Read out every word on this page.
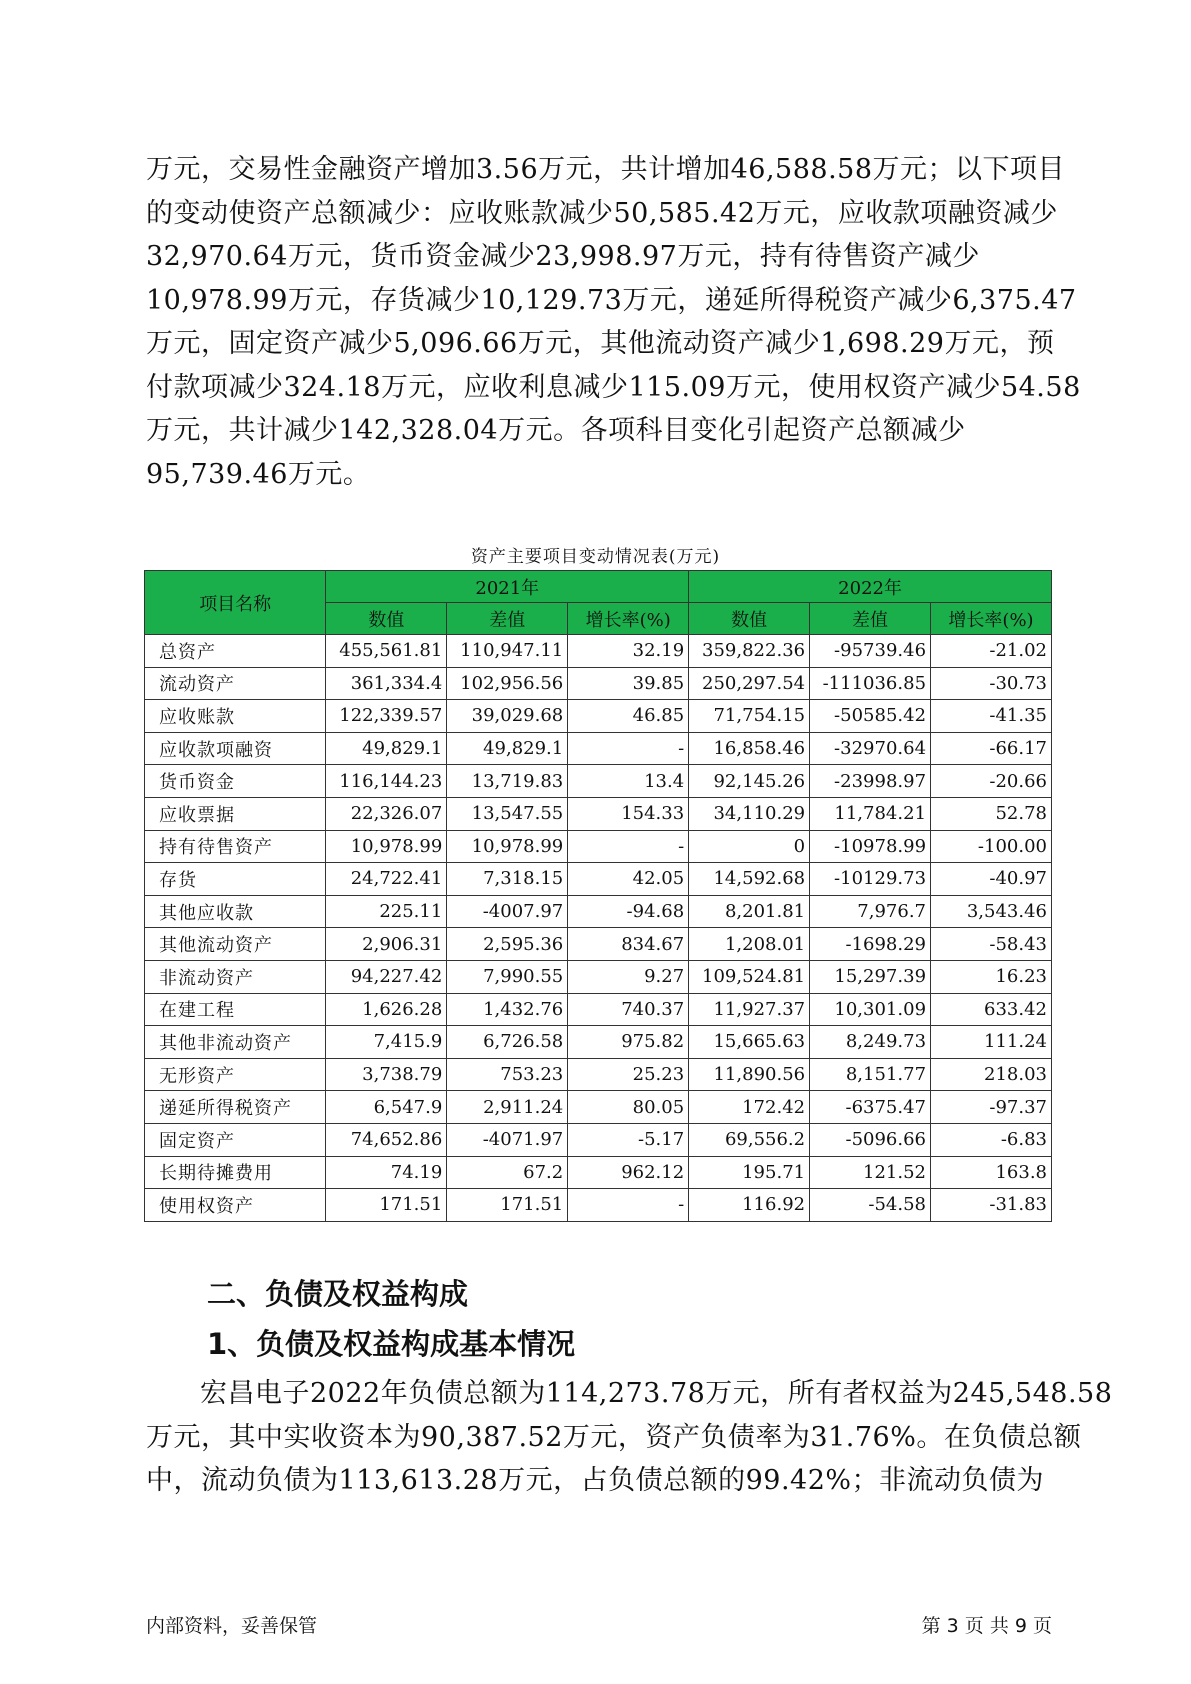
万元，交易性金融资产增加3.56万元，共计增加46,588.58万元；以下项目
的变动使资产总额减少：应收账款减少50,585.42万元，应收款项融资减少
32,970.64万元，货币资金减少23,998.97万元，持有待售资产减少
10,978.99万元，存货减少10,129.73万元，递延所得税资产减少6,375.47
万元，固定资产减少5,096.66万元，其他流动资产减少1,698.29万元，预
付款项减少324.18万元，应收利息减少115.09万元，使用权资产减少54.58
万元，共计减少142,328.04万元。各项科目变化引起资产总额减少
95,739.46万元。
资产主要项目变动情况表(万元)
项目名称	2021年			2022年		
	数值	差值	增长率(%)	数值	差值	增长率(%)
总资产	455,561.81	110,947.11	32.19	359,822.36	-95739.46	-21.02
流动资产	361,334.4	102,956.56	39.85	250,297.54	-111036.85	-30.73
应收账款	122,339.57	39,029.68	46.85	71,754.15	-50585.42	-41.35
应收款项融资	49,829.1	49,829.1	-	16,858.46	-32970.64	-66.17
货币资金	116,144.23	13,719.83	13.4	92,145.26	-23998.97	-20.66
应收票据	22,326.07	13,547.55	154.33	34,110.29	11,784.21	52.78
持有待售资产	10,978.99	10,978.99	-	0	-10978.99	-100.00
存货	24,722.41	7,318.15	42.05	14,592.68	-10129.73	-40.97
其他应收款	225.11	-4007.97	-94.68	8,201.81	7,976.7	3,543.46
其他流动资产	2,906.31	2,595.36	834.67	1,208.01	-1698.29	-58.43
非流动资产	94,227.42	7,990.55	9.27	109,524.81	15,297.39	16.23
在建工程	1,626.28	1,432.76	740.37	11,927.37	10,301.09	633.42
其他非流动资产	7,415.9	6,726.58	975.82	15,665.63	8,249.73	111.24
无形资产	3,738.79	753.23	25.23	11,890.56	8,151.77	218.03
递延所得税资产	6,547.9	2,911.24	80.05	172.42	-6375.47	-97.37
固定资产	74,652.86	-4071.97	-5.17	69,556.2	-5096.66	-6.83
长期待摊费用	74.19	67.2	962.12	195.71	121.52	163.8
使用权资产	171.51	171.51	-	116.92	-54.58	-31.83
二、负债及权益构成
1、负债及权益构成基本情况
宏昌电子2022年负债总额为114,273.78万元，所有者权益为245,548.58
万元，其中实收资本为90,387.52万元，资产负债率为31.76%。在负债总额
中，流动负债为113,613.28万元，占负债总额的99.42%；非流动负债为
内部资料，妥善保管	第 3 页 共 9 页
